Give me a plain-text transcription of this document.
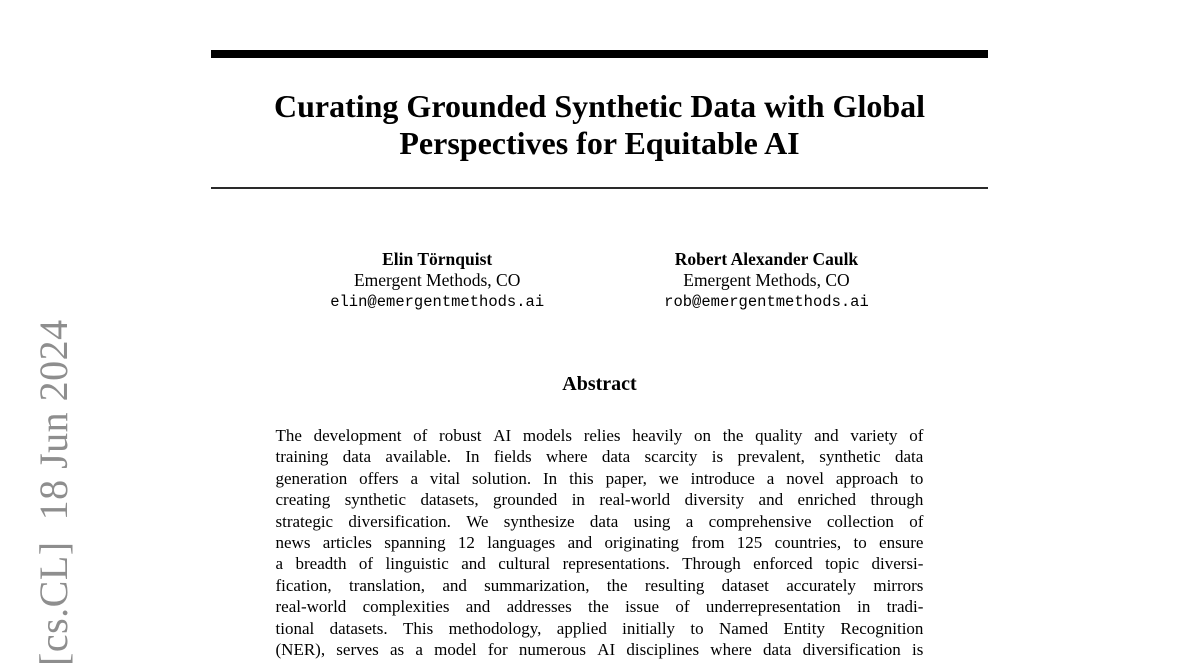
[cs.CL]  18 Jun 2024
Curating Grounded Synthetic Data with Global
Perspectives for Equitable AI
Elin Törnquist
Emergent Methods, CO
elin@emergentmethods.ai
Robert Alexander Caulk
Emergent Methods, CO
rob@emergentmethods.ai
Abstract
The development of robust AI models relies heavily on the quality and variety of
training data available. In fields where data scarcity is prevalent, synthetic data
generation offers a vital solution. In this paper, we introduce a novel approach to
creating synthetic datasets, grounded in real-world diversity and enriched through
strategic diversification. We synthesize data using a comprehensive collection of
news articles spanning 12 languages and originating from 125 countries, to ensure
a breadth of linguistic and cultural representations. Through enforced topic diversi-
fication, translation, and summarization, the resulting dataset accurately mirrors
real-world complexities and addresses the issue of underrepresentation in tradi-
tional datasets. This methodology, applied initially to Named Entity Recognition
(NER), serves as a model for numerous AI disciplines where data diversification is
